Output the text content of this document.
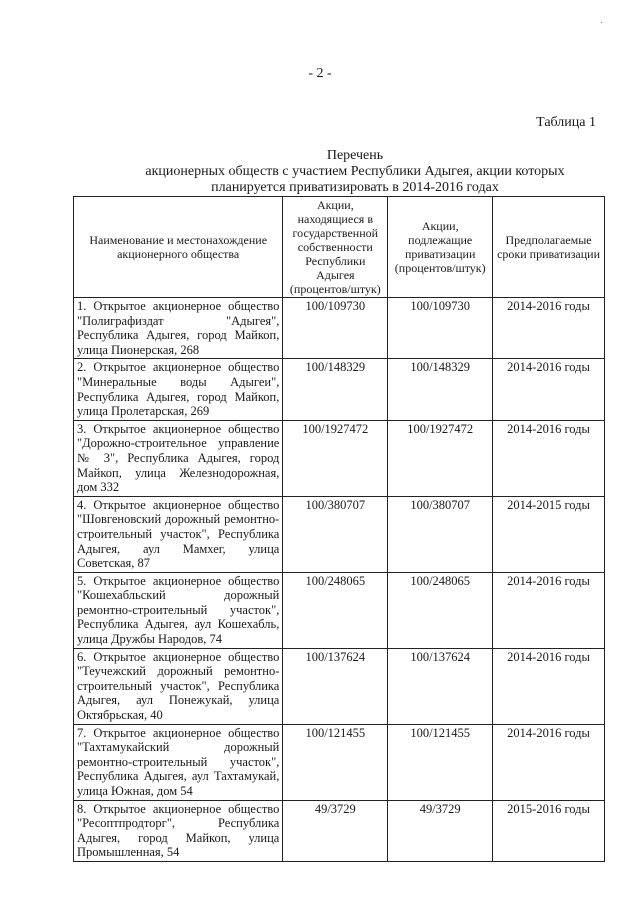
- 2 -
Таблица 1
Перечень
акционерных обществ с участием Республики Адыгея, акции которых
планируется приватизировать в 2014-2016 годах
Наименование и местонахождение акционерного общества	Акции, находящиеся в государственной собственности Республики Адыгея (процентов/штук)	Акции, подлежащие приватизации (процентов/штук)	Предполагаемые сроки приватизации
1. Открытое акционерное общество "Полиграфиздат "Адыгея", Республика Адыгея, город Майкоп, улица Пионерская, 268	100/109730	100/109730	2014-2016 годы
2. Открытое акционерное общество "Минеральные воды Адыгеи", Республика Адыгея, город Майкоп, улица Пролетарская, 269	100/148329	100/148329	2014-2016 годы
3. Открытое акционерное общество "Дорожно-строительное управление № 3", Республика Адыгея, город Майкоп, улица Железнодорожная, дом 332	100/1927472	100/1927472	2014-2016 годы
4. Открытое акционерное общество "Шовгеновский дорожный ремонтно-строительный участок", Республика Адыгея, аул Мамхег, улица Советская, 87	100/380707	100/380707	2014-2015 годы
5. Открытое акционерное общество "Кошехабльский дорожный ремонтно-строительный участок", Республика Адыгея, аул Кошехабль, улица Дружбы Народов, 74	100/248065	100/248065	2014-2016 годы
6. Открытое акционерное общество "Теучежский дорожный ремонтно-строительный участок", Республика Адыгея, аул Понежукай, улица Октябрьская, 40	100/137624	100/137624	2014-2016 годы
7. Открытое акционерное общество "Тахтамукайский дорожный ремонтно-строительный участок", Республика Адыгея, аул Тахтамукай, улица Южная, дом 54	100/121455	100/121455	2014-2016 годы
8. Открытое акционерное общество "Ресоптпродторг", Республика Адыгея, город Майкоп, улица Промышленная, 54	49/3729	49/3729	2015-2016 годы
·
